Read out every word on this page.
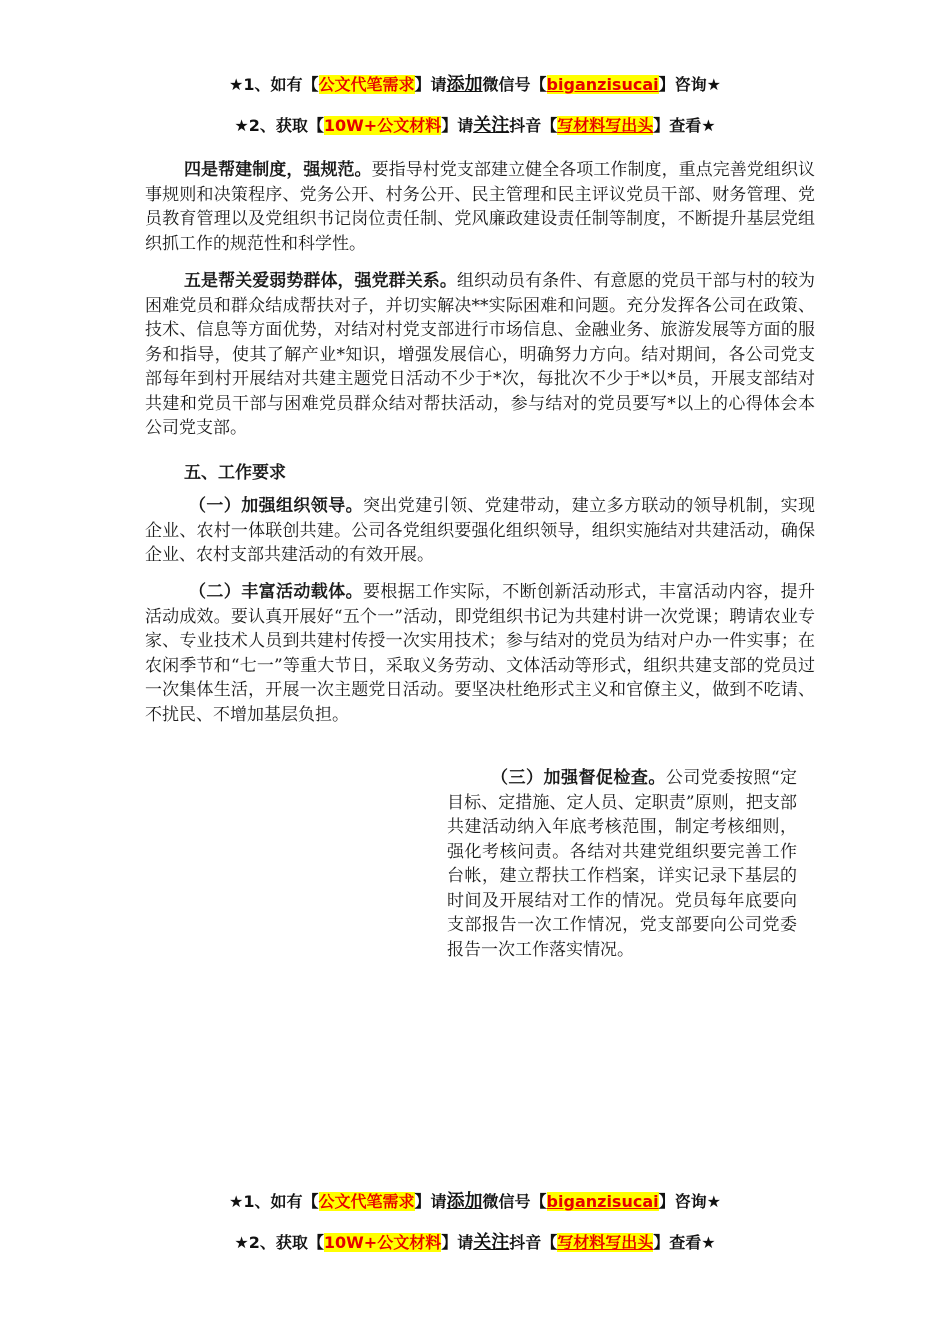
★1、如有【公文代笔需求】请添加微信号【biganzisucai】咨询★
★2、获取【10W+公文材料】请关注抖音【写材料写出头】查看★

四是帮建制度，强规范。要指导村党支部建立健全各项工作制度，重点完善党组织议事规则和决策程序、党务公开、村务公开、民主管理和民主评议党员干部、财务管理、党员教育管理以及党组织书记岗位责任制、党风廉政建设责任制等制度，不断提升基层党组织抓工作的规范性和科学性。

五是帮关爱弱势群体，强党群关系。组织动员有条件、有意愿的党员干部与村的较为困难党员和群众结成帮扶对子，并切实解决**实际困难和问题。充分发挥各公司在政策、技术、信息等方面优势，对结对村党支部进行市场信息、金融业务、旅游发展等方面的服务和指导，使其了解产业*知识，增强发展信心，明确努力方向。结对期间，各公司党支部每年到村开展结对共建主题党日活动不少于*次，每批次不少于*以*员，开展支部结对共建和党员干部与困难党员群众结对帮扶活动，参与结对的党员要写*以上的心得体会本公司党支部。

五、工作要求

（一）加强组织领导。突出党建引领、党建带动，建立多方联动的领导机制，实现企业、农村一体联创共建。公司各党组织要强化组织领导，组织实施结对共建活动，确保企业、农村支部共建活动的有效开展。

（二）丰富活动载体。要根据工作实际，不断创新活动形式，丰富活动内容，提升活动成效。要认真开展好“五个一”活动，即党组织书记为共建村讲一次党课；聘请农业专家、专业技术人员到共建村传授一次实用技术；参与结对的党员为结对户办一件实事；在农闲季节和“七一”等重大节日，采取义务劳动、文体活动等形式，组织共建支部的党员过一次集体生活，开展一次主题党日活动。要坚决杜绝形式主义和官僚主义，做到不吃请、不扰民、不增加基层负担。

（三）加强督促检查。公司党委按照“定目标、定措施、定人员、定职责”原则，把支部共建活动纳入年底考核范围，制定考核细则，强化考核问责。各结对共建党组织要完善工作台帐，建立帮扶工作档案，详实记录下基层的时间及开展结对工作的情况。党员每年底要向支部报告一次工作情况，党支部要向公司党委报告一次工作落实情况。

★1、如有【公文代笔需求】请添加微信号【biganzisucai】咨询★
★2、获取【10W+公文材料】请关注抖音【写材料写出头】查看★
